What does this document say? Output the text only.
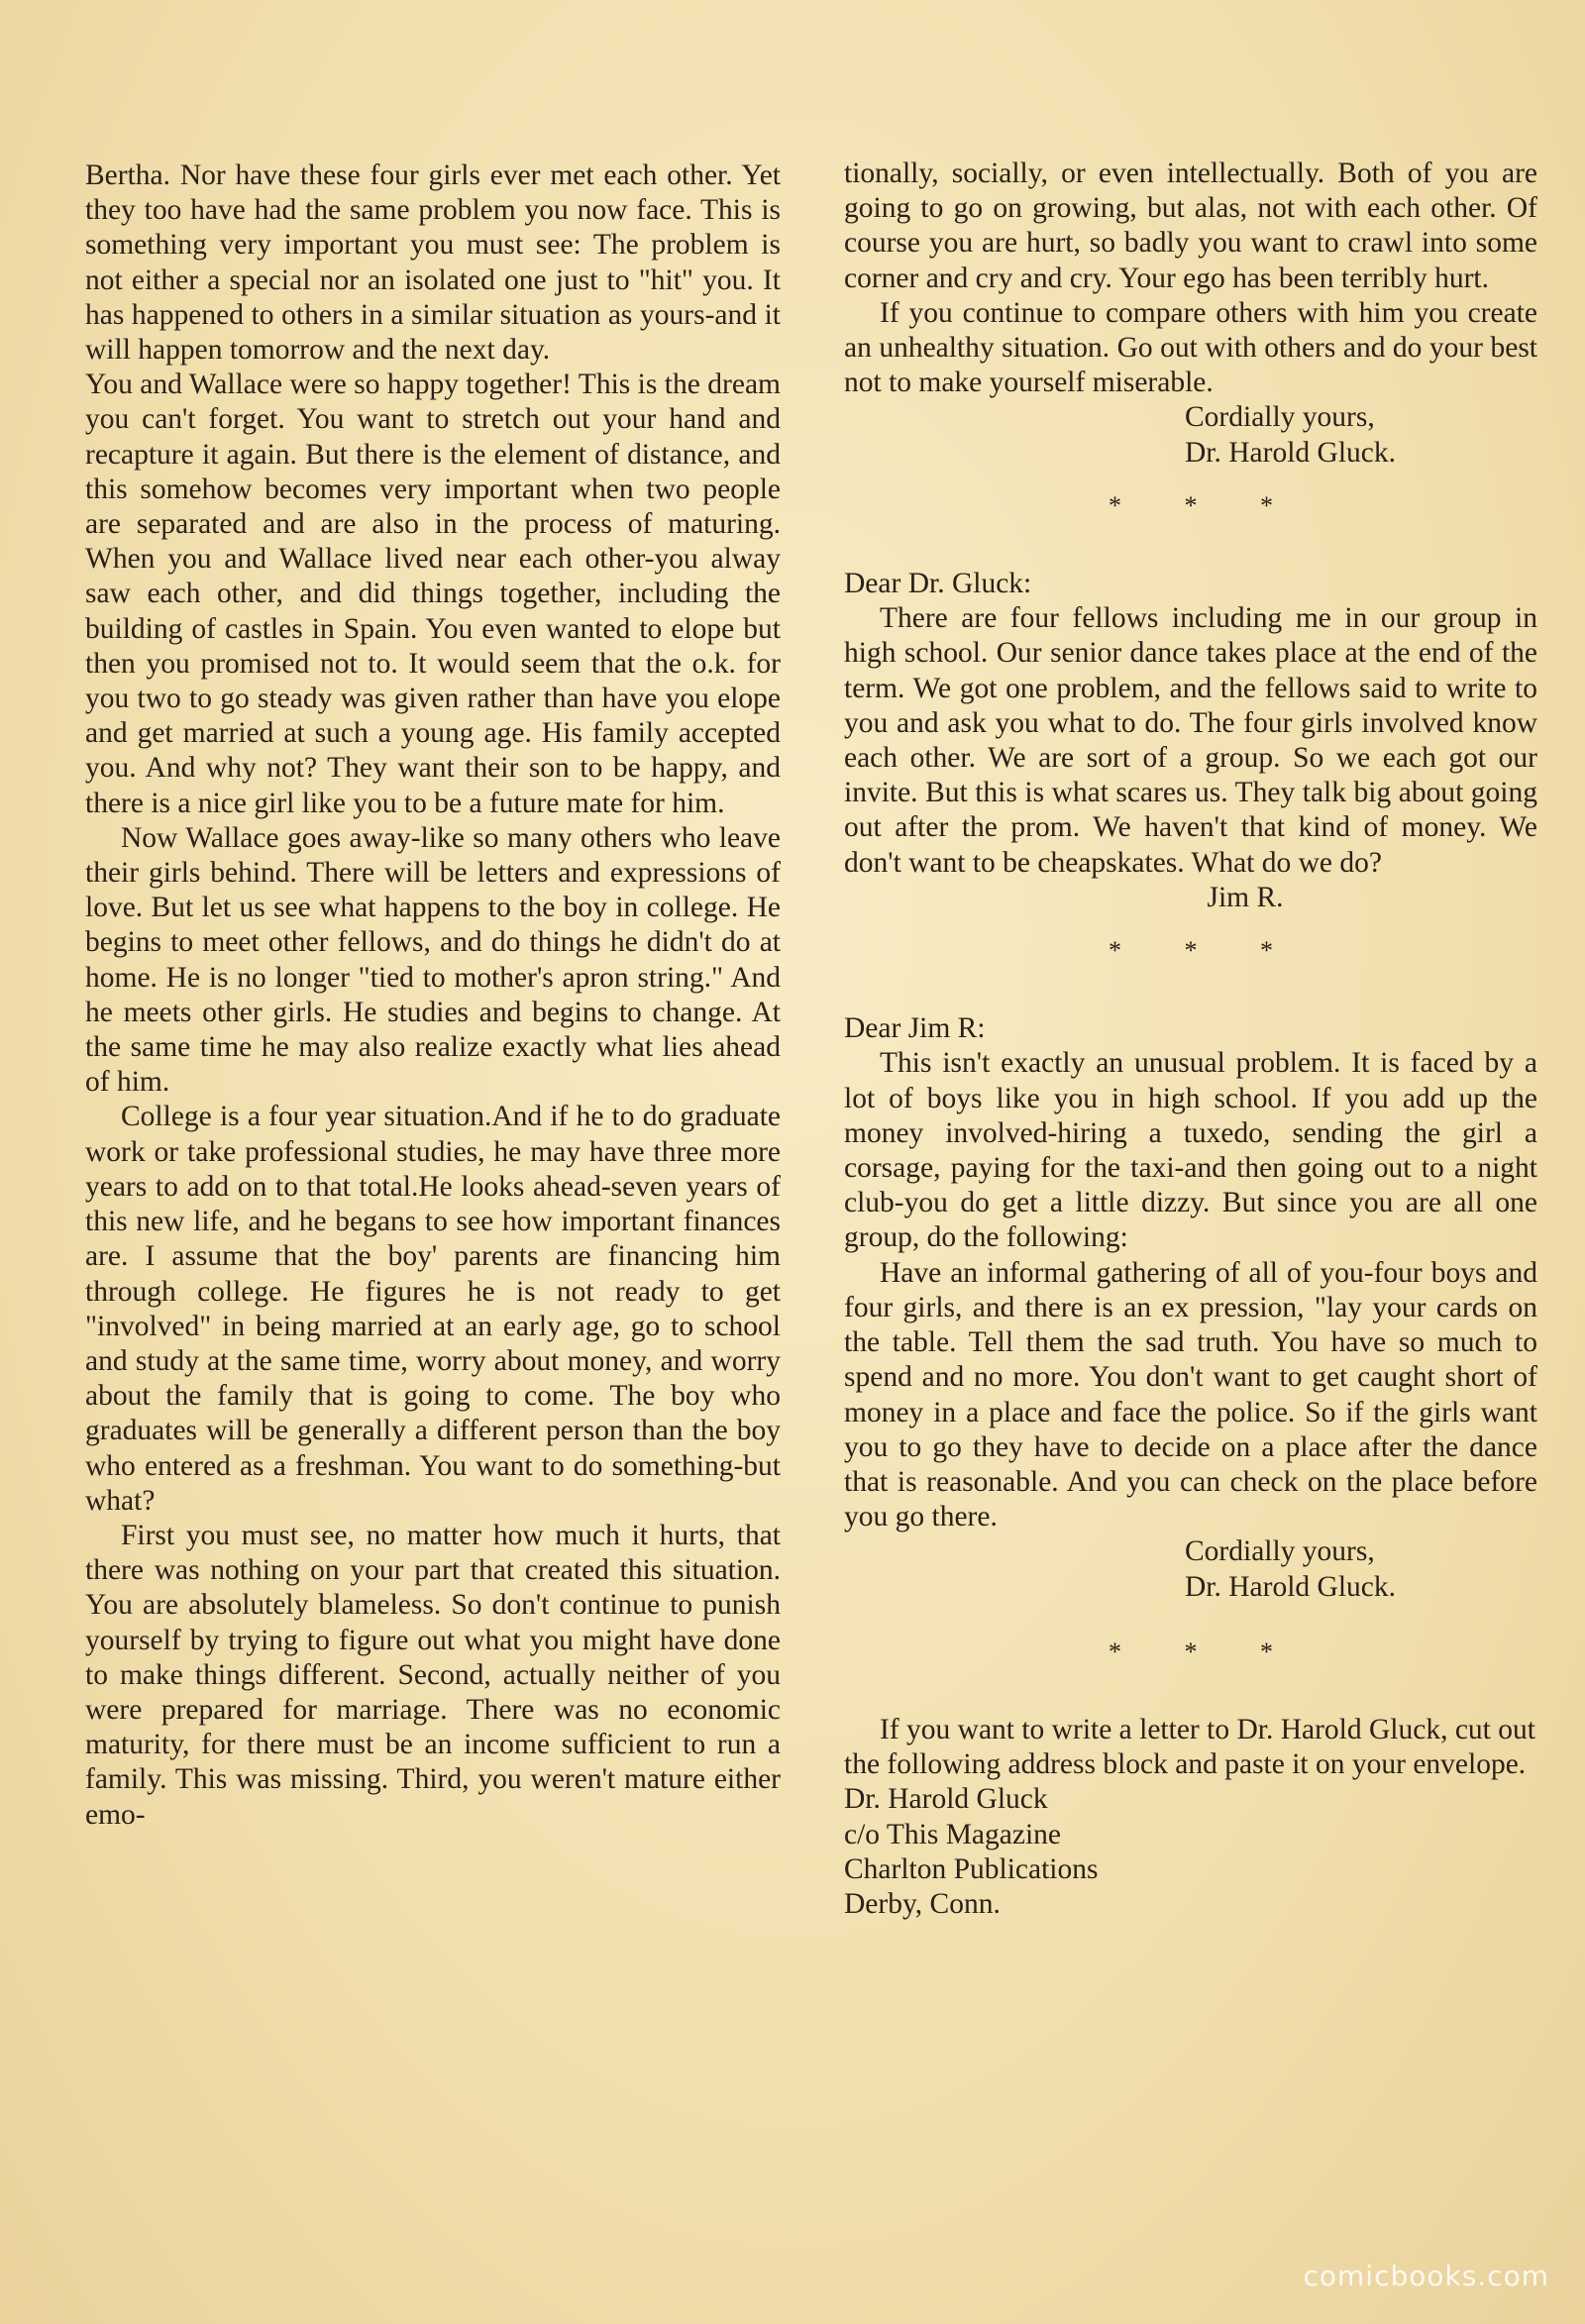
Bertha. Nor have these four girls ever met each other. Yet they too have had the same problem you now face. This is something very important you must see: The problem is not either a special nor an isolated one just to "hit" you. It has happened to others in a similar situation as yours-and it will happen tomorrow and the next day.

You and Wallace were so happy together! This is the dream you can't forget. You want to stretch out your hand and recapture it again. But there is the element of distance, and this somehow becomes very important when two people are separated and are also in the process of maturing. When you and Wallace lived near each other-you alway saw each other, and did things together, including the building of castles in Spain. You even wanted to elope but then you promised not to. It would seem that the o.k. for you two to go steady was given rather than have you elope and get married at such a young age. His family accepted you. And why not? They want their son to be happy, and there is a nice girl like you to be a future mate for him.

Now Wallace goes away-like so many others who leave their girls behind. There will be letters and expressions of love. But let us see what happens to the boy in college. He begins to meet other fellows, and do things he didn't do at home. He is no longer "tied to mother's apron string." And he meets other girls. He studies and begins to change. At the same time he may also realize exactly what lies ahead of him.

College is a four year situation.And if he to do graduate work or take professional studies, he may have three more years to add on to that total.He looks ahead-seven years of this new life, and he begans to see how important finances are. I assume that the boy' parents are financing him through college. He figures he is not ready to get "involved" in being married at an early age, go to school and study at the same time, worry about money, and worry about the family that is going to come. The boy who graduates will be generally a different person than the boy who entered as a freshman. You want to do something-but what?

First you must see, no matter how much it hurts, that there was nothing on your part that created this situation. You are absolutely blameless. So don't continue to punish yourself by trying to figure out what you might have done to make things different. Second, actually neither of you were prepared for marriage. There was no economic maturity, for there must be an income sufficient to run a family. This was missing. Third, you weren't mature either emo-

tionally, socially, or even intellectually. Both of you are going to go on growing, but alas, not with each other. Of course you are hurt, so badly you want to crawl into some corner and cry and cry. Your ego has been terribly hurt.

If you continue to compare others with him you create an unhealthy situation. Go out with others and do your best not to make yourself miserable.

Cordially yours,

Dr. Harold Gluck.

* * *

Dear Dr. Gluck:

There are four fellows including me in our group in high school. Our senior dance takes place at the end of the term. We got one problem, and the fellows said to write to you and ask you what to do. The four girls involved know each other. We are sort of a group. So we each got our invite. But this is what scares us. They talk big about going out after the prom. We haven't that kind of money. We don't want to be cheapskates. What do we do?

Jim R.

* * *

Dear Jim R:

This isn't exactly an unusual problem. It is faced by a lot of boys like you in high school. If you add up the money involved-hiring a tuxedo, sending the girl a corsage, paying for the taxi-and then going out to a night club-you do get a little dizzy. But since you are all one group, do the following:

Have an informal gathering of all of you-four boys and four girls, and there is an ex pression, "lay your cards on the table. Tell them the sad truth. You have so much to spend and no more. You don't want to get caught short of money in a place and face the police. So if the girls want you to go they have to decide on a place after the dance that is reasonable. And you can check on the place before you go there.

Cordially yours,

Dr. Harold Gluck.

* * *

If you want to write a letter to Dr. Harold Gluck, cut out the following address block and paste it on your envelope.

Dr. Harold Gluck

c/o This Magazine

Charlton Publications

Derby, Conn.

comicbooks.com
